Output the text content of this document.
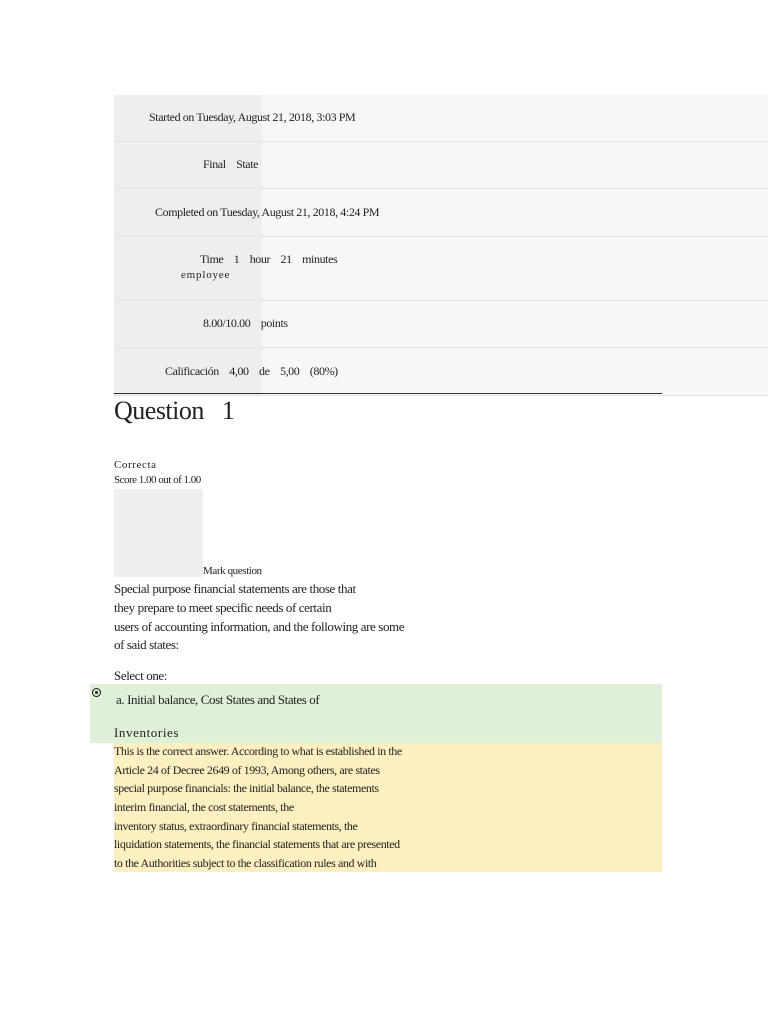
Started on Tuesday, August 21, 2018, 3:03 PM
Final    State
Completed on Tuesday, August 21, 2018, 4:24 PM
Time    1    hour    21    minutes
employee
8.00/10.00    points
Calificación    4,00    de    5,00    (80%)
Question   1
Correcta
Score 1.00 out of 1.00
Mark question
Special purpose financial statements are those that
they prepare to meet specific needs of certain
users of accounting information, and the following are some
of said states:
Select one:
a. Initial balance, Cost States and States of
Inventories
This is the correct answer. According to what is established in the
Article 24 of Decree 2649 of 1993, Among others, are states
special purpose financials: the initial balance, the statements
interim financial, the cost statements, the
inventory status, extraordinary financial statements, the
liquidation statements, the financial statements that are presented
to the Authorities subject to the classification rules and with
